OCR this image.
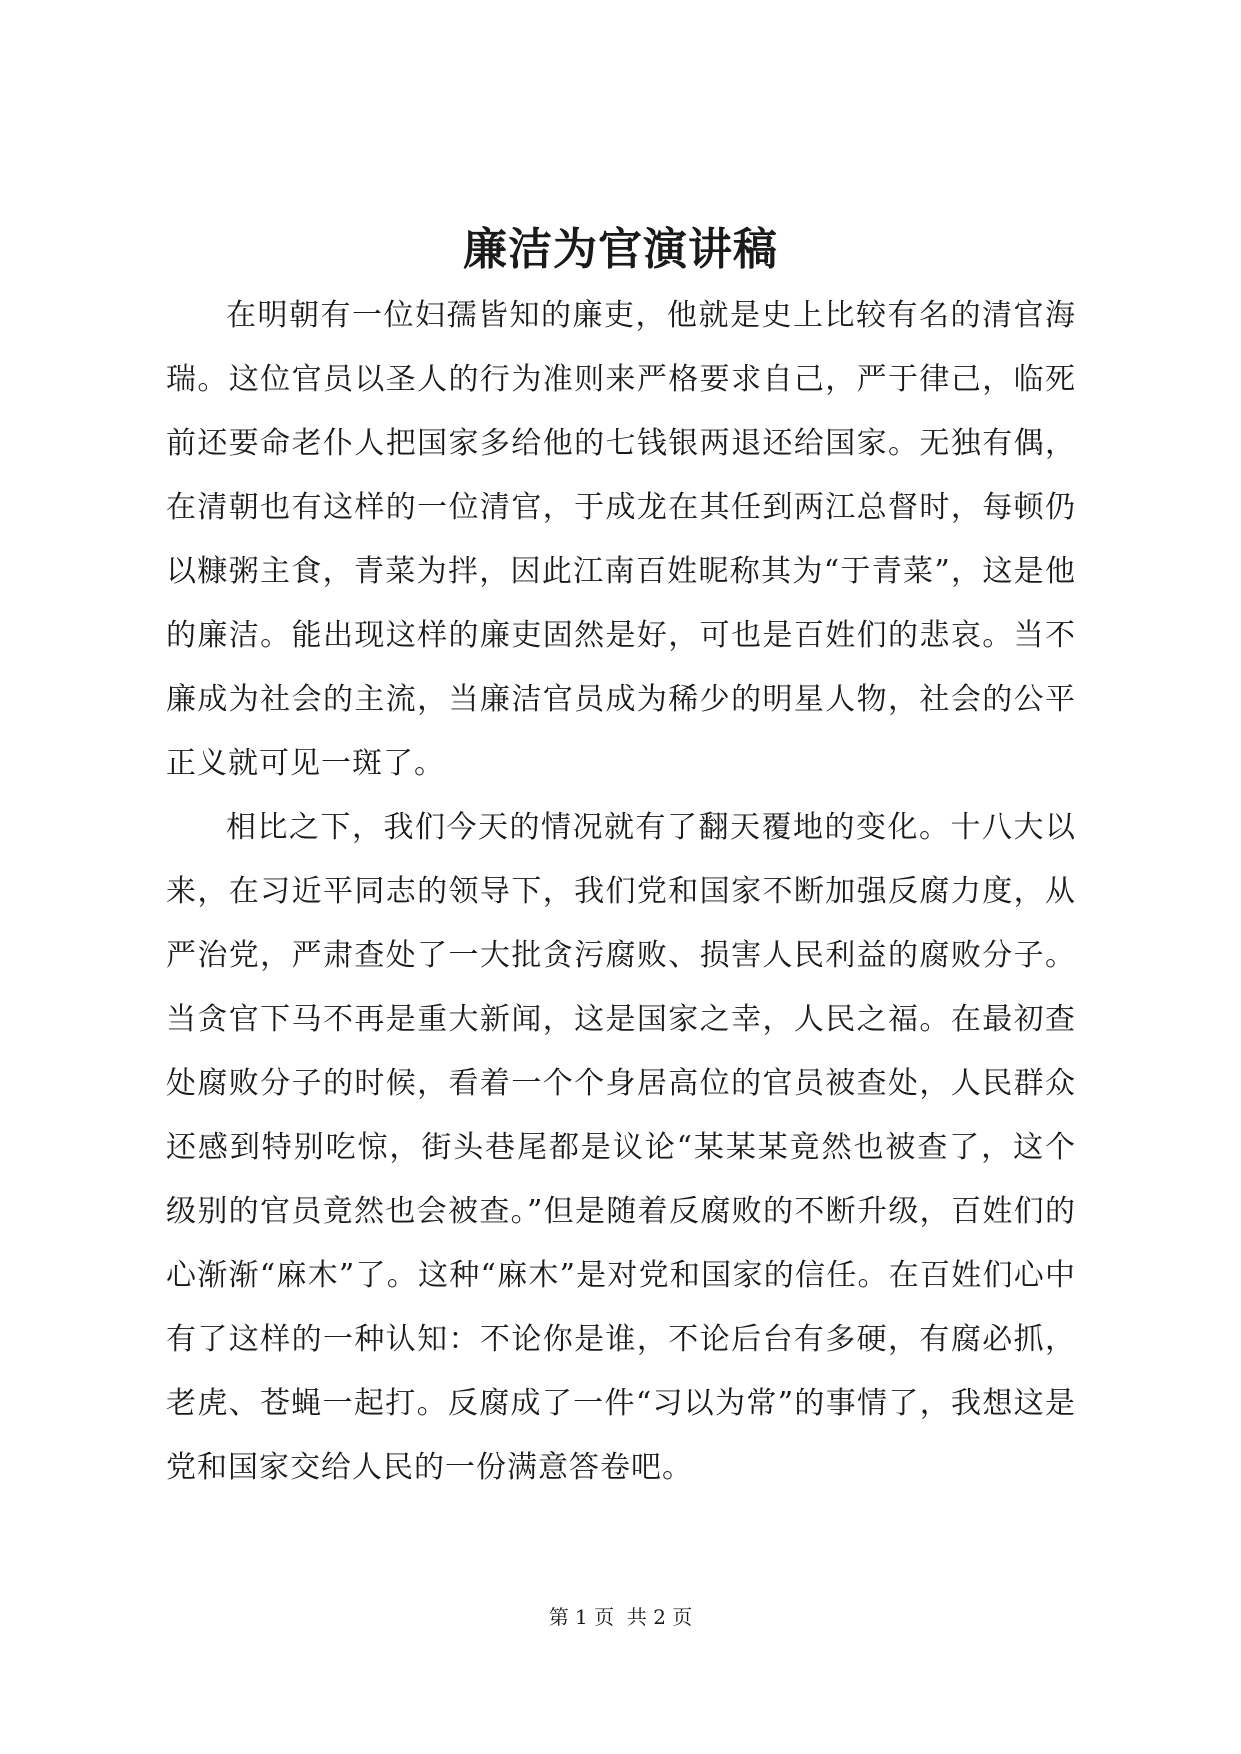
廉洁为官演讲稿

在明朝有一位妇孺皆知的廉吏，他就是史上比较有名的清官海瑞。这位官员以圣人的行为准则来严格要求自己，严于律己，临死前还要命老仆人把国家多给他的七钱银两退还给国家。无独有偶，在清朝也有这样的一位清官，于成龙在其任到两江总督时，每顿仍以糠粥主食，青菜为拌，因此江南百姓昵称其为“于青菜”，这是他的廉洁。能出现这样的廉吏固然是好，可也是百姓们的悲哀。当不廉成为社会的主流，当廉洁官员成为稀少的明星人物，社会的公平正义就可见一斑了。

相比之下，我们今天的情况就有了翻天覆地的变化。十八大以来，在习近平同志的领导下，我们党和国家不断加强反腐力度，从严治党，严肃查处了一大批贪污腐败、损害人民利益的腐败分子。当贪官下马不再是重大新闻，这是国家之幸，人民之福。在最初查处腐败分子的时候，看着一个个身居高位的官员被查处，人民群众还感到特别吃惊，街头巷尾都是议论“某某某竟然也被查了，这个级别的官员竟然也会被查。”但是随着反腐败的不断升级，百姓们的心渐渐“麻木”了。这种“麻木”是对党和国家的信任。在百姓们心中有了这样的一种认知：不论你是谁，不论后台有多硬，有腐必抓，老虎、苍蝇一起打。反腐成了一件“习以为常”的事情了，我想这是党和国家交给人民的一份满意答卷吧。

第 1 页  共 2 页
